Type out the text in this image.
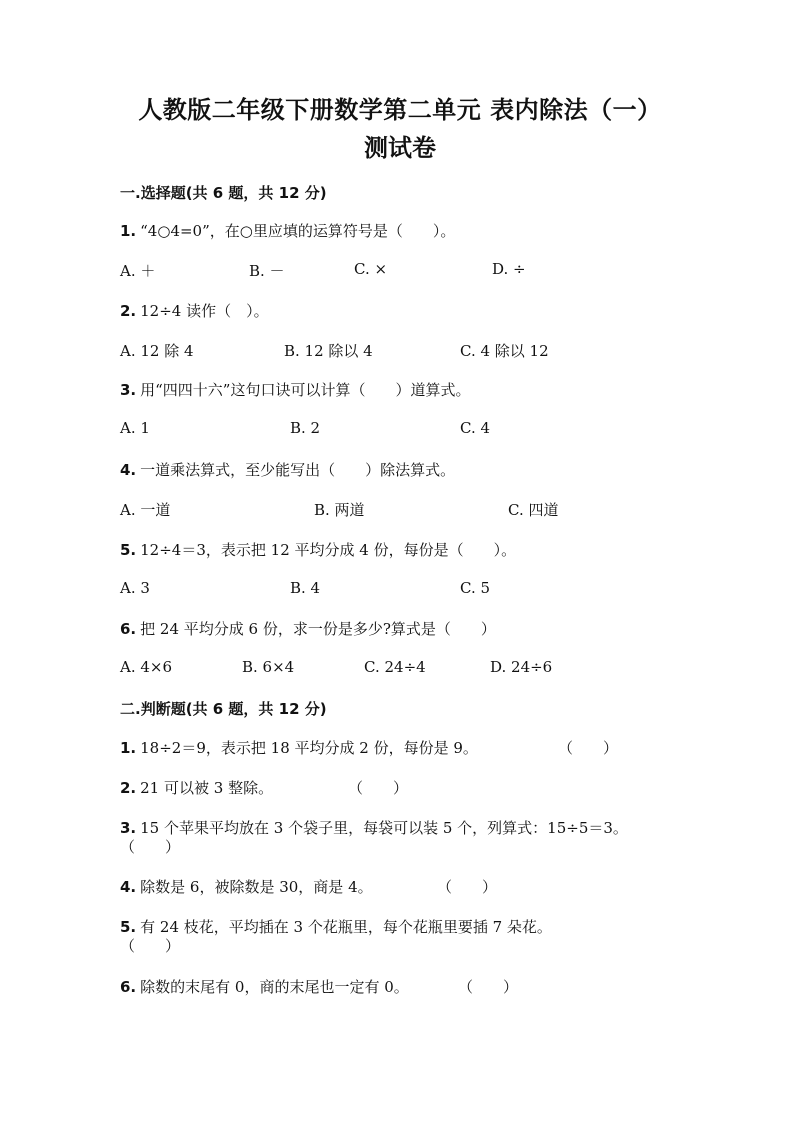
人教版二年级下册数学第二单元 表内除法（一）
测试卷
一.选择题(共 6 题，共 12 分)
1. “4○4=0”，在○里应填的运算符号是（　　）。
A. ＋	B. －	C. ×	D. ÷
2. 12÷4 读作（　）。
A. 12 除 4	B. 12 除以 4	C. 4 除以 12
3. 用“四四十六”这句口诀可以计算（　　）道算式。
A. 1	B. 2	C. 4
4. 一道乘法算式，至少能写出（　　）除法算式。
A. 一道	B. 两道	C. 四道
5. 12÷4＝3，表示把 12 平均分成 4 份，每份是（　　）。
A. 3	B. 4	C. 5
6. 把 24 平均分成 6 份，求一份是多少?算式是（　　）
A. 4×6	B. 6×4	C. 24÷4	D. 24÷6
二.判断题(共 6 题，共 12 分)
1. 18÷2＝9，表示把 18 平均分成 2 份，每份是 9。	（　　）
2. 21 可以被 3 整除。	（　　）
3. 15 个苹果平均放在 3 个袋子里，每袋可以装 5 个，列算式：15÷5＝3。
（　　）
4. 除数是 6，被除数是 30，商是 4。	（　　）
5. 有 24 枝花，平均插在 3 个花瓶里，每个花瓶里要插 7 朵花。
（　　）
6. 除数的末尾有 0，商的末尾也一定有 0。	（　　）
